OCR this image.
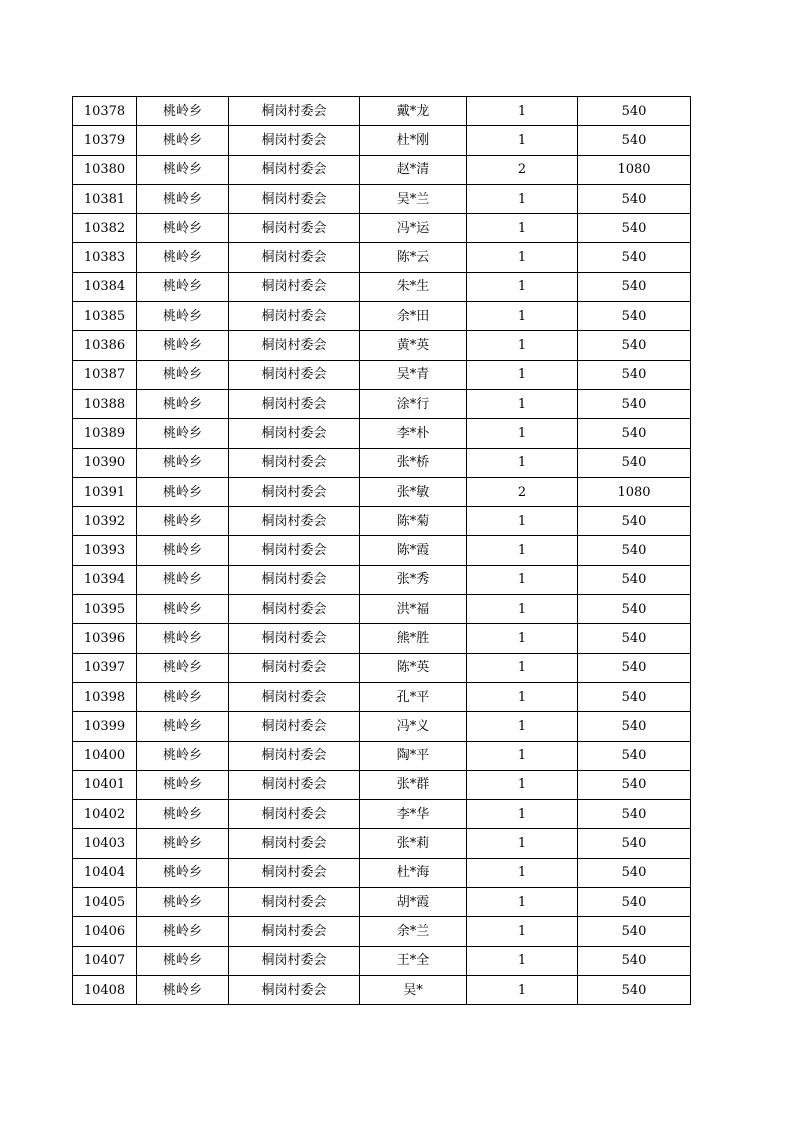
10378	桃岭乡	桐岗村委会	戴*龙	1	540
10379	桃岭乡	桐岗村委会	杜*刚	1	540
10380	桃岭乡	桐岗村委会	赵*清	2	1080
10381	桃岭乡	桐岗村委会	吴*兰	1	540
10382	桃岭乡	桐岗村委会	冯*运	1	540
10383	桃岭乡	桐岗村委会	陈*云	1	540
10384	桃岭乡	桐岗村委会	朱*生	1	540
10385	桃岭乡	桐岗村委会	余*田	1	540
10386	桃岭乡	桐岗村委会	黄*英	1	540
10387	桃岭乡	桐岗村委会	吴*青	1	540
10388	桃岭乡	桐岗村委会	涂*行	1	540
10389	桃岭乡	桐岗村委会	李*朴	1	540
10390	桃岭乡	桐岗村委会	张*桥	1	540
10391	桃岭乡	桐岗村委会	张*敏	2	1080
10392	桃岭乡	桐岗村委会	陈*菊	1	540
10393	桃岭乡	桐岗村委会	陈*霞	1	540
10394	桃岭乡	桐岗村委会	张*秀	1	540
10395	桃岭乡	桐岗村委会	洪*福	1	540
10396	桃岭乡	桐岗村委会	熊*胜	1	540
10397	桃岭乡	桐岗村委会	陈*英	1	540
10398	桃岭乡	桐岗村委会	孔*平	1	540
10399	桃岭乡	桐岗村委会	冯*义	1	540
10400	桃岭乡	桐岗村委会	陶*平	1	540
10401	桃岭乡	桐岗村委会	张*群	1	540
10402	桃岭乡	桐岗村委会	李*华	1	540
10403	桃岭乡	桐岗村委会	张*莉	1	540
10404	桃岭乡	桐岗村委会	杜*海	1	540
10405	桃岭乡	桐岗村委会	胡*霞	1	540
10406	桃岭乡	桐岗村委会	余*兰	1	540
10407	桃岭乡	桐岗村委会	王*全	1	540
10408	桃岭乡	桐岗村委会	吴*	1	540
